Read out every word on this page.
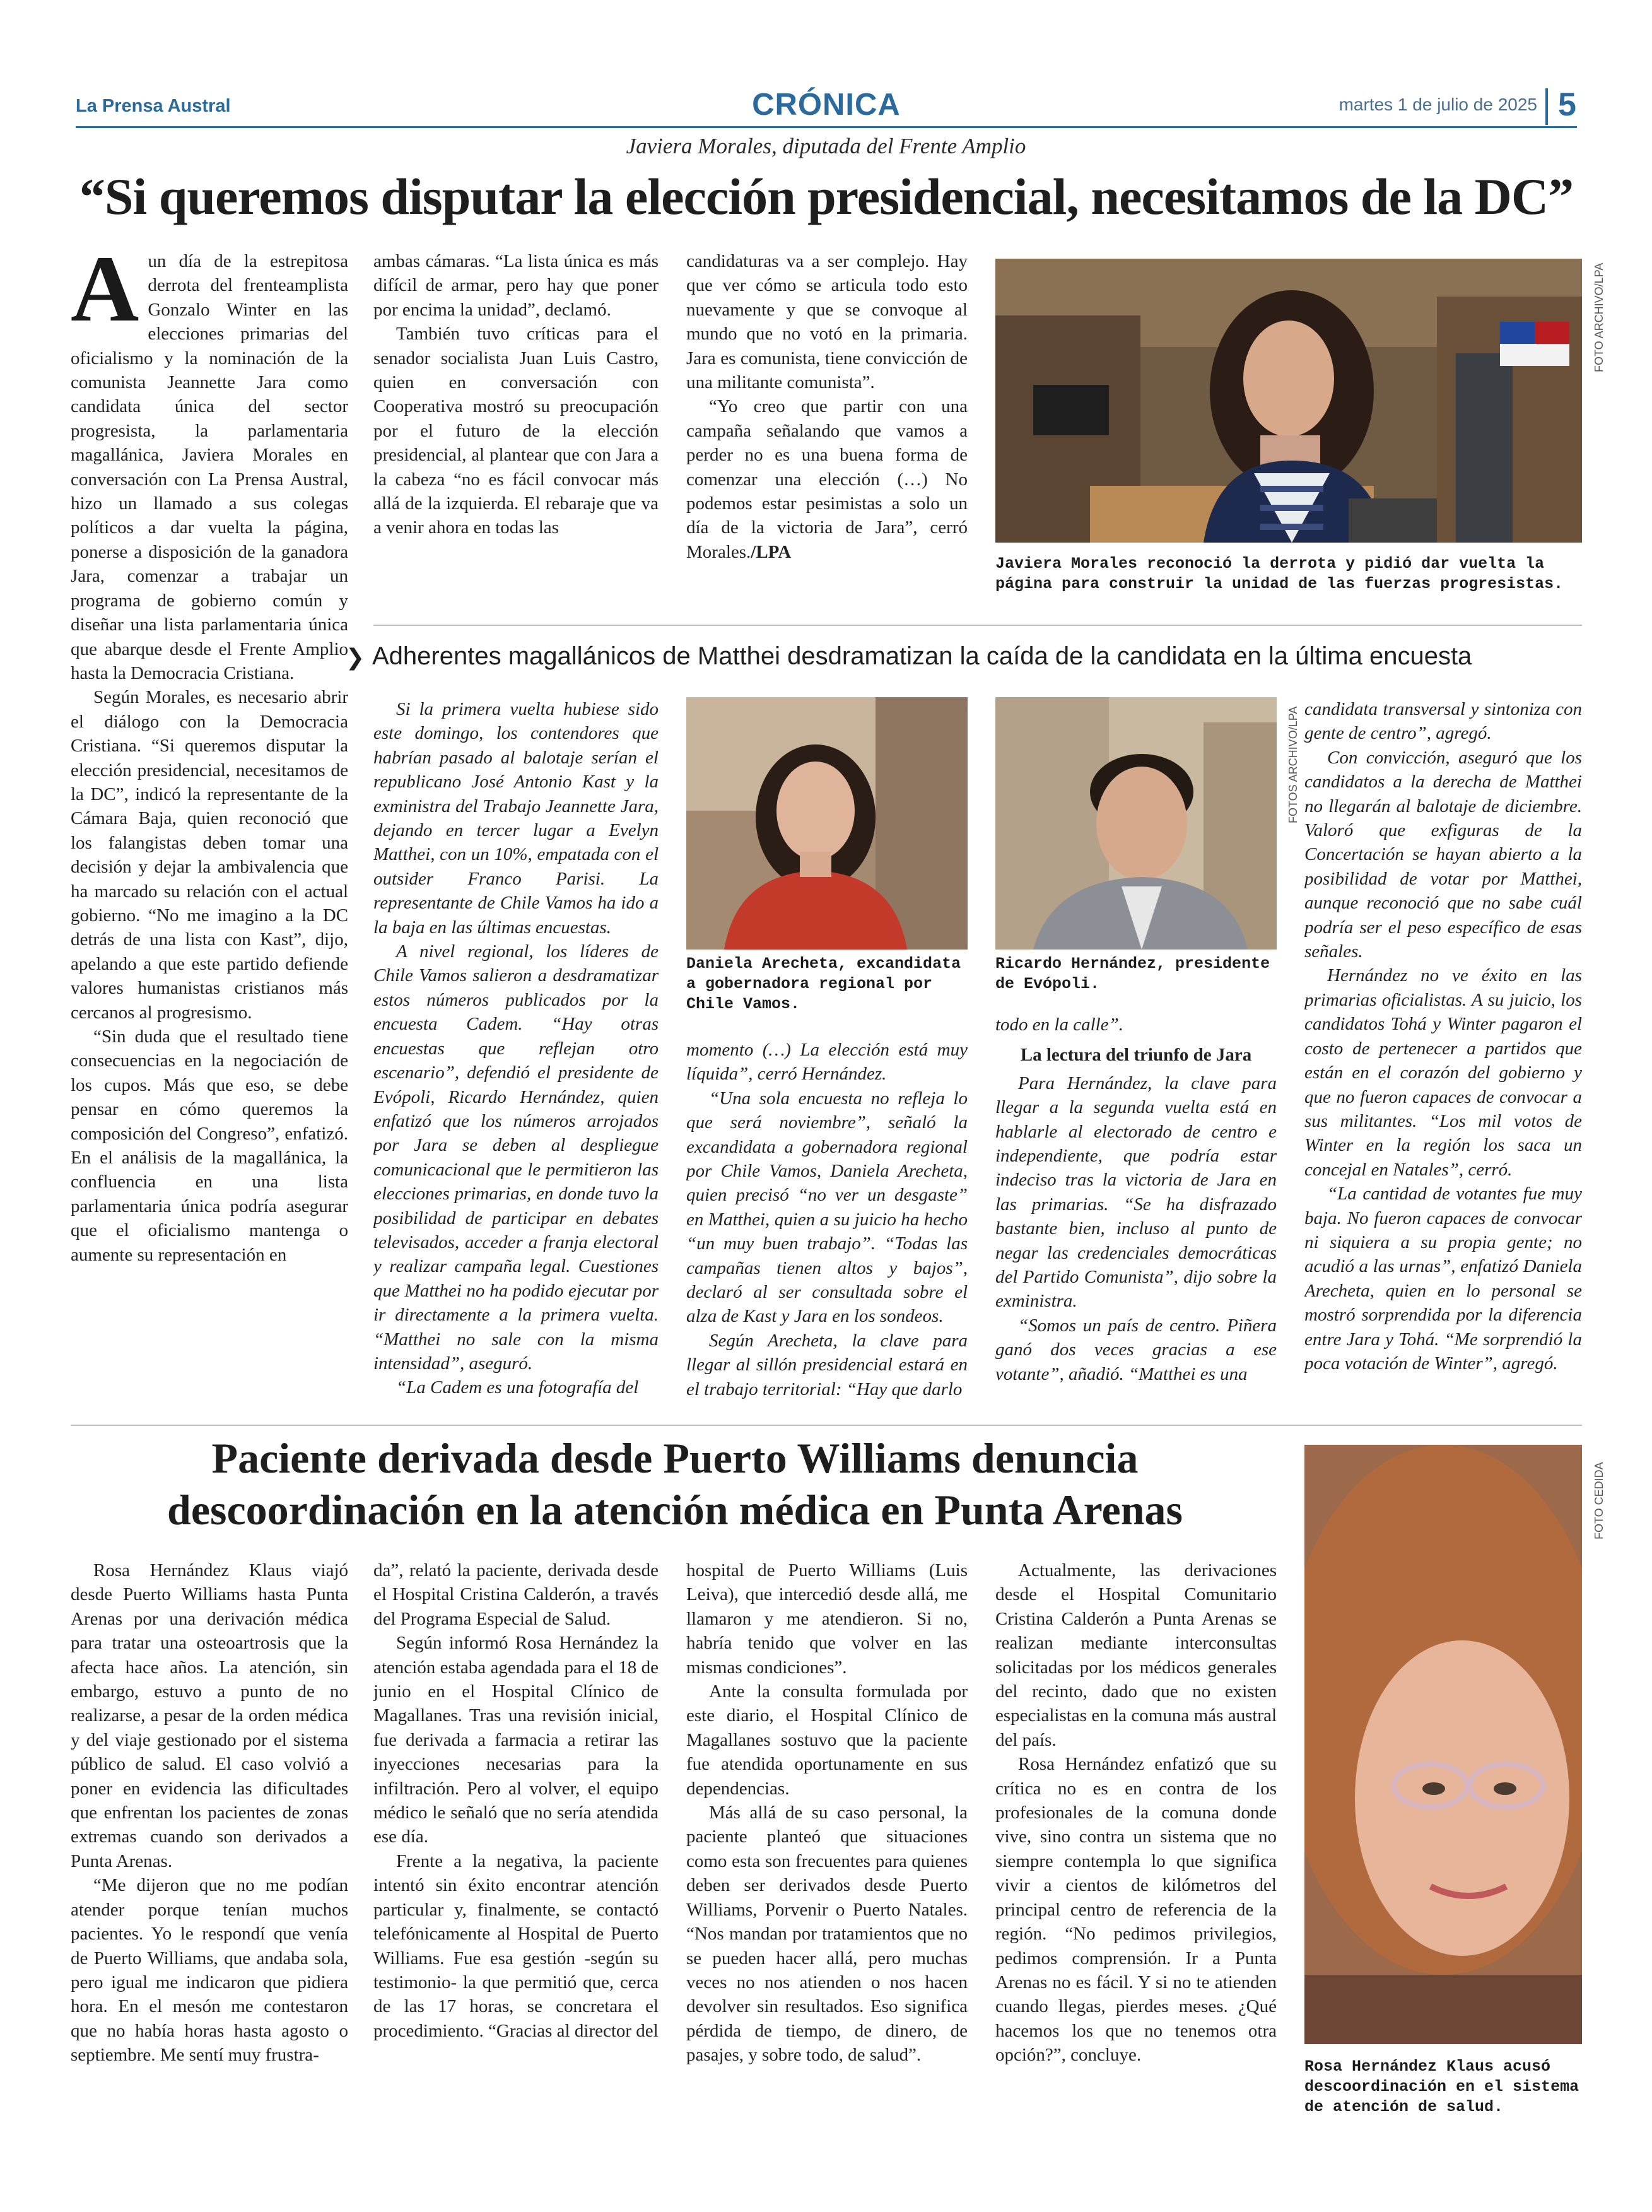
La Prensa Austral	CRÓNICA	martes 1 de julio de 2025 5
Javiera Morales, diputada del Frente Amplio
“Si queremos disputar la elección presidencial, necesitamos de la DC”
A un día de la estrepitosa derrota del frenteamplista Gonzalo Winter en las elecciones primarias del oficialismo y la nominación de la comunista Jeannette Jara como candidata única del sector progresista, la parlamentaria magallánica, Javiera Morales en conversación con La Prensa Austral, hizo un llamado a sus colegas políticos a dar vuelta la página, ponerse a disposición de la ganadora Jara, comenzar a trabajar un programa de gobierno común y diseñar una lista parlamentaria única que abarque desde el Frente Amplio hasta la Democracia Cristiana.

Según Morales, es necesario abrir el diálogo con la Democracia Cristiana. “Si queremos disputar la elección presidencial, necesitamos de la DC”, indicó la representante de la Cámara Baja, quien reconoció que los falangistas deben tomar una decisión y dejar la ambivalencia que ha marcado su relación con el actual gobierno. “No me imagino a la DC detrás de una lista con Kast”, dijo, apelando a que este partido defiende valores humanistas cristianos más cercanos al progresismo.

“Sin duda que el resultado tiene consecuencias en la negociación de los cupos. Más que eso, se debe pensar en cómo queremos la composición del Congreso”, enfatizó. En el análisis de la magallánica, la confluencia en una lista parlamentaria única podría asegurar que el oficialismo mantenga o aumente su representación en

ambas cámaras. “La lista única es más difícil de armar, pero hay que poner por encima la unidad”, declamó.

También tuvo críticas para el senador socialista Juan Luis Castro, quien en conversación con Cooperativa mostró su preocupación por el futuro de la elección presidencial, al plantear que con Jara a la cabeza “no es fácil convocar más allá de la izquierda. El rebaraje que va a venir ahora en todas las

candidaturas va a ser complejo. Hay que ver cómo se articula todo esto nuevamente y que se convoque al mundo que no votó en la primaria. Jara es comunista, tiene convicción de una militante comunista”.

“Yo creo que partir con una campaña señalando que vamos a perder no es una buena forma de comenzar una elección (…) No podemos estar pesimistas a solo un día de la victoria de Jara”, cerró Morales./LPA

FOTO ARCHIVO/LPA
Javiera Morales reconoció la derrota y pidió dar vuelta la página para construir la unidad de las fuerzas progresistas.
❯ Adherentes magallánicos de Matthei desdramatizan la caída de la candidata en la última encuesta

Si la primera vuelta hubiese sido este domingo, los contendores que habrían pasado al balotaje serían el republicano José Antonio Kast y la exministra del Trabajo Jeannette Jara, dejando en tercer lugar a Evelyn Matthei, con un 10%, empatada con el outsider Franco Parisi. La representante de Chile Vamos ha ido a la baja en las últimas encuestas.

A nivel regional, los líderes de Chile Vamos salieron a desdramatizar estos números publicados por la encuesta Cadem. “Hay otras encuestas que reflejan otro escenario”, defendió el presidente de Evópoli, Ricardo Hernández, quien enfatizó que los números arrojados por Jara se deben al despliegue comunicacional que le permitieron las elecciones primarias, en donde tuvo la posibilidad de participar en debates televisados, acceder a franja electoral y realizar campaña legal. Cuestiones que Matthei no ha podido ejecutar por ir directamente a la primera vuelta. “Matthei no sale con la misma intensidad”, aseguró.

“La Cadem es una fotografía del

Daniela Arecheta, excandidata a gobernadora regional por Chile Vamos.
FOTOS ARCHIVO/LPA
Ricardo Hernández, presidente de Evópoli.

momento (…) La elección está muy líquida”, cerró Hernández.

“Una sola encuesta no refleja lo que será noviembre”, señaló la excandidata a gobernadora regional por Chile Vamos, Daniela Arecheta, quien precisó “no ver un desgaste” en Matthei, quien a su juicio ha hecho “un muy buen trabajo”. “Todas las campañas tienen altos y bajos”, declaró al ser consultada sobre el alza de Kast y Jara en los sondeos.

Según Arecheta, la clave para llegar al sillón presidencial estará en el trabajo territorial: “Hay que darlo

todo en la calle”.

La lectura del triunfo de Jara

Para Hernández, la clave para llegar a la segunda vuelta está en hablarle al electorado de centro e independiente, que podría estar indeciso tras la victoria de Jara en las primarias. “Se ha disfrazado bastante bien, incluso al punto de negar las credenciales democráticas del Partido Comunista”, dijo sobre la exministra.

“Somos un país de centro. Piñera ganó dos veces gracias a ese votante”, añadió. “Matthei es una

candidata transversal y sintoniza con gente de centro”, agregó.

Con convicción, aseguró que los candidatos a la derecha de Matthei no llegarán al balotaje de diciembre. Valoró que exfiguras de la Concertación se hayan abierto a la posibilidad de votar por Matthei, aunque reconoció que no sabe cuál podría ser el peso específico de esas señales.

Hernández no ve éxito en las primarias oficialistas. A su juicio, los candidatos Tohá y Winter pagaron el costo de pertenecer a partidos que están en el corazón del gobierno y que no fueron capaces de convocar a sus militantes. “Los mil votos de Winter en la región los saca un concejal en Natales”, cerró.

“La cantidad de votantes fue muy baja. No fueron capaces de convocar ni siquiera a su propia gente; no acudió a las urnas”, enfatizó Daniela Arecheta, quien en lo personal se mostró sorprendida por la diferencia entre Jara y Tohá. “Me sorprendió la poca votación de Winter”, agregó.

Paciente derivada desde Puerto Williams denuncia descoordinación en la atención médica en Punta Arenas

Rosa Hernández Klaus viajó desde Puerto Williams hasta Punta Arenas por una derivación médica para tratar una osteoartrosis que la afecta hace años. La atención, sin embargo, estuvo a punto de no realizarse, a pesar de la orden médica y del viaje gestionado por el sistema público de salud. El caso volvió a poner en evidencia las dificultades que enfrentan los pacientes de zonas extremas cuando son derivados a Punta Arenas.

“Me dijeron que no me podían atender porque tenían muchos pacientes. Yo le respondí que venía de Puerto Williams, que andaba sola, pero igual me indicaron que pidiera hora. En el mesón me contestaron que no había horas hasta agosto o septiembre. Me sentí muy frustra-

da”, relató la paciente, derivada desde el Hospital Cristina Calderón, a través del Programa Especial de Salud.

Según informó Rosa Hernández la atención estaba agendada para el 18 de junio en el Hospital Clínico de Magallanes. Tras una revisión inicial, fue derivada a farmacia a retirar las inyecciones necesarias para la infiltración. Pero al volver, el equipo médico le señaló que no sería atendida ese día.

Frente a la negativa, la paciente intentó sin éxito encontrar atención particular y, finalmente, se contactó telefónicamente al Hospital de Puerto Williams. Fue esa gestión -según su testimonio- la que permitió que, cerca de las 17 horas, se concretara el procedimiento. “Gracias al director del

hospital de Puerto Williams (Luis Leiva), que intercedió desde allá, me llamaron y me atendieron. Si no, habría tenido que volver en las mismas condiciones”.

Ante la consulta formulada por este diario, el Hospital Clínico de Magallanes sostuvo que la paciente fue atendida oportunamente en sus dependencias.

Más allá de su caso personal, la paciente planteó que situaciones como esta son frecuentes para quienes deben ser derivados desde Puerto Williams, Porvenir o Puerto Natales. “Nos mandan por tratamientos que no se pueden hacer allá, pero muchas veces no nos atienden o nos hacen devolver sin resultados. Eso significa pérdida de tiempo, de dinero, de pasajes, y sobre todo, de salud”.

Actualmente, las derivaciones desde el Hospital Comunitario Cristina Calderón a Punta Arenas se realizan mediante interconsultas solicitadas por los médicos generales del recinto, dado que no existen especialistas en la comuna más austral del país.

Rosa Hernández enfatizó que su crítica no es en contra de los profesionales de la comuna donde vive, sino contra un sistema que no siempre contempla lo que significa vivir a cientos de kilómetros del principal centro de referencia de la región. “No pedimos privilegios, pedimos comprensión. Ir a Punta Arenas no es fácil. Y si no te atienden cuando llegas, pierdes meses. ¿Qué hacemos los que no tenemos otra opción?”, concluye.

FOTO CEDIDA
Rosa Hernández Klaus acusó descoordinación en el sistema de atención de salud.
